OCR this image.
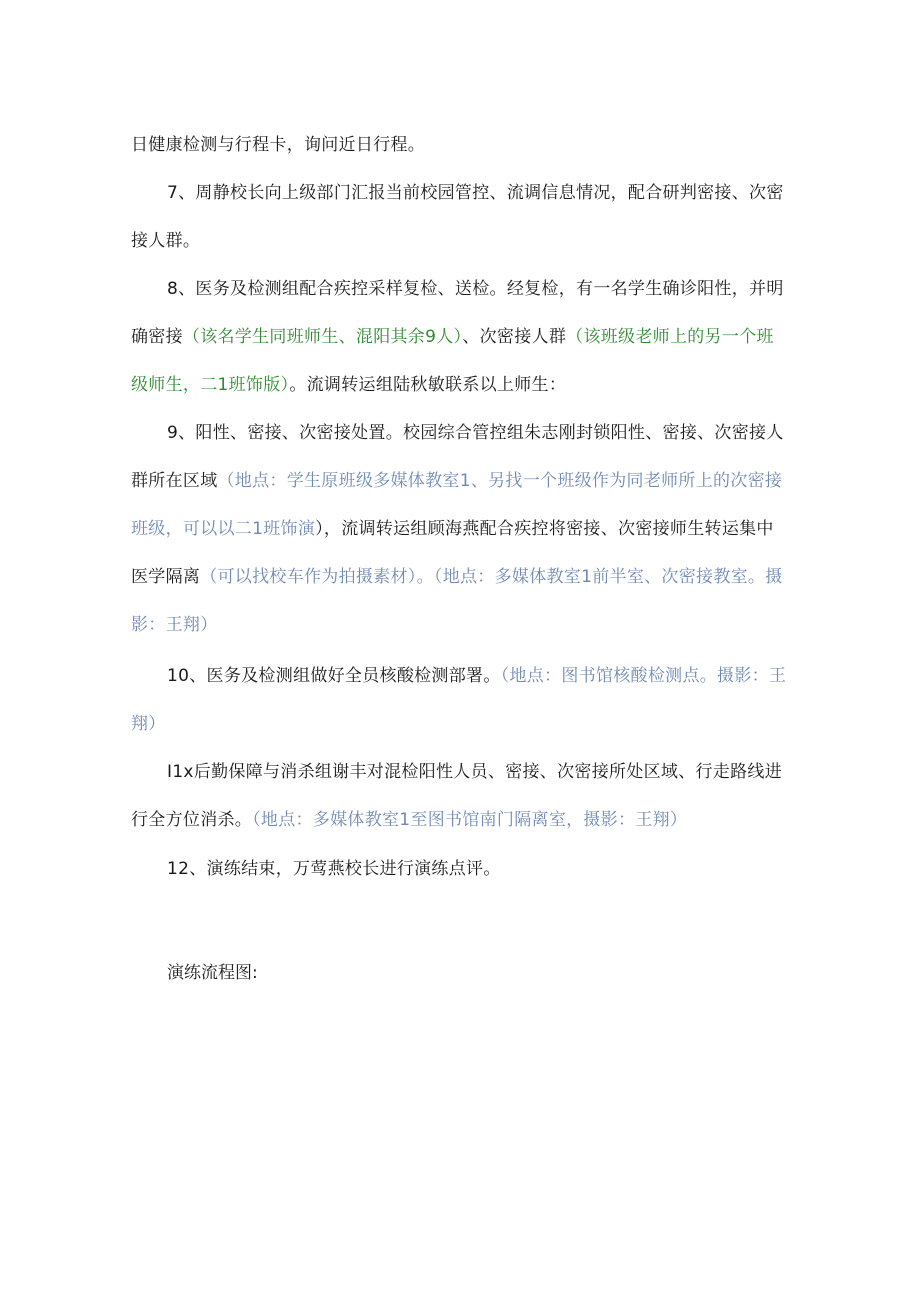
日健康检测与行程卡，询问近日行程。

7、周静校长向上级部门汇报当前校园管控、流调信息情况，配合研判密接、次密接人群。

8、医务及检测组配合疾控采样复检、送检。经复检，有一名学生确诊阳性，并明确密接（该名学生同班师生、混阳其余9人）、次密接人群（该班级老师上的另一个班级师生，二1班饰版）。流调转运组陆秋敏联系以上师生：

9、阳性、密接、次密接处置。校园综合管控组朱志刚封锁阳性、密接、次密接人群所在区域（地点：学生原班级多媒体教室1、另找一个班级作为同老师所上的次密接班级，可以以二1班饰演），流调转运组顾海燕配合疾控将密接、次密接师生转运集中医学隔离（可以找校车作为拍摄素材）。（地点：多媒体教室1前半室、次密接教室。摄影：王翔）

10、医务及检测组做好全员核酸检测部署。（地点：图书馆核酸检测点。摄影：王翔）

I1x后勤保障与消杀组谢丰对混检阳性人员、密接、次密接所处区域、行走路线进行全方位消杀。（地点：多媒体教室1至图书馆南门隔离室，摄影：王翔）

12、演练结束，万莺燕校长进行演练点评。

演练流程图:
